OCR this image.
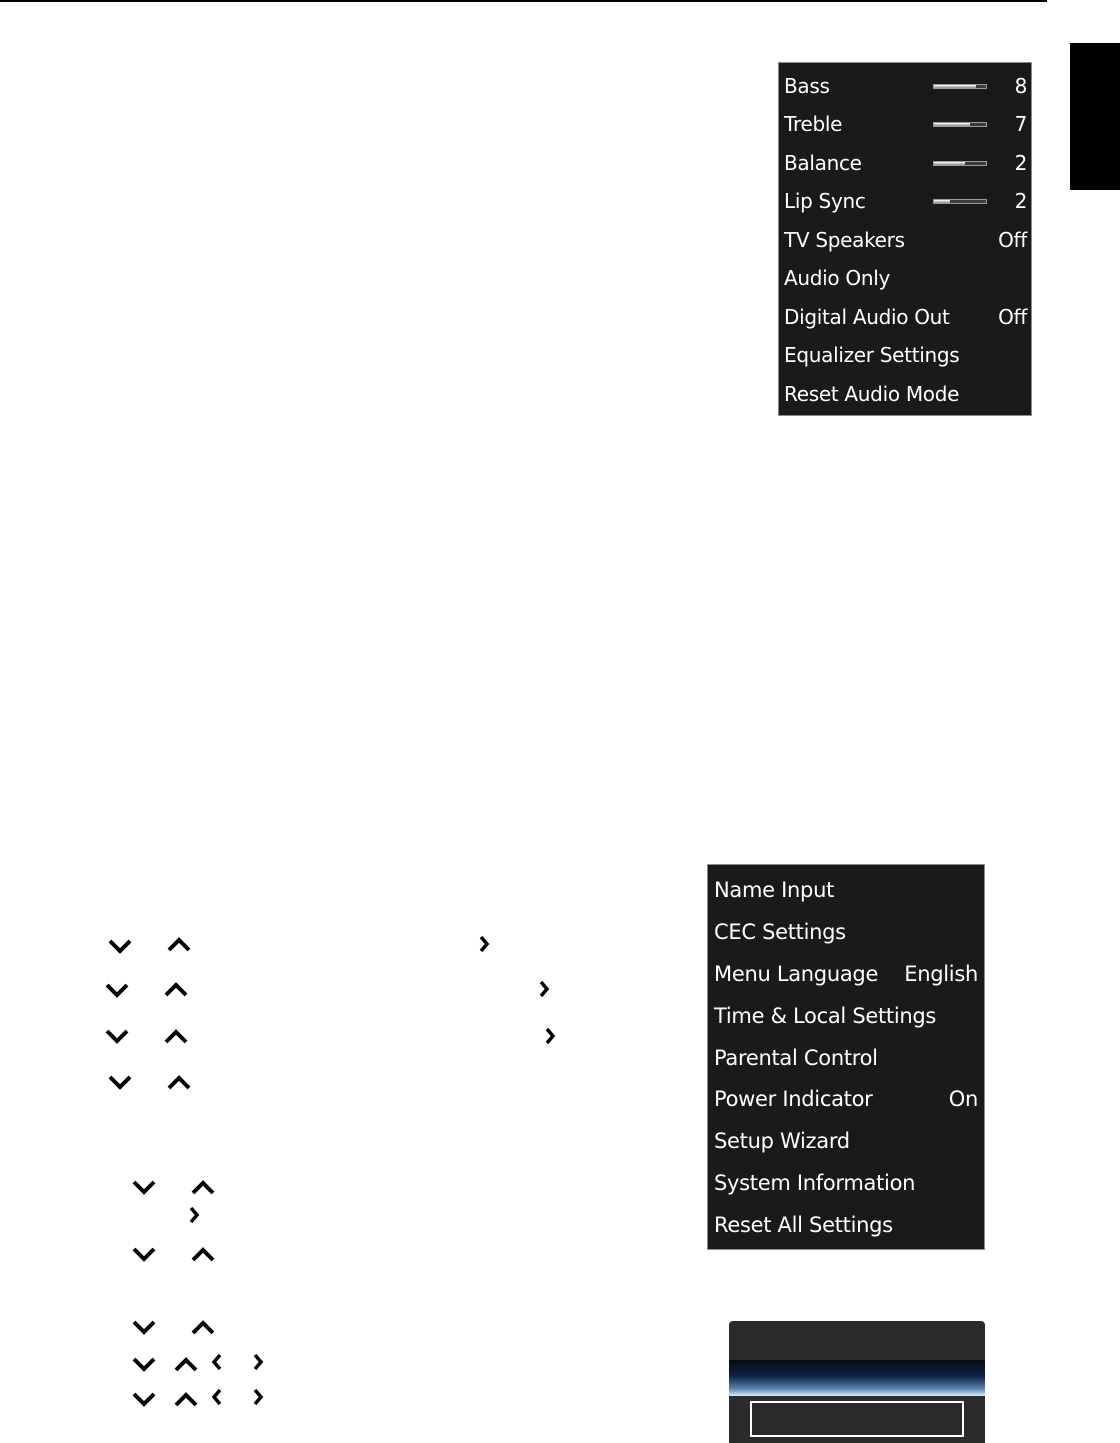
Bass	8
Treble	7
Balance	2
Lip Sync	2
TV Speakers	Off
Audio Only
Digital Audio Out Off
Equalizer Settings
Reset Audio Mode
Name Input
CEC Settings
Menu Language English
Time & Local Settings
Parental Control
Power Indicator	On
Setup Wizard
System Information
Reset All Settings
